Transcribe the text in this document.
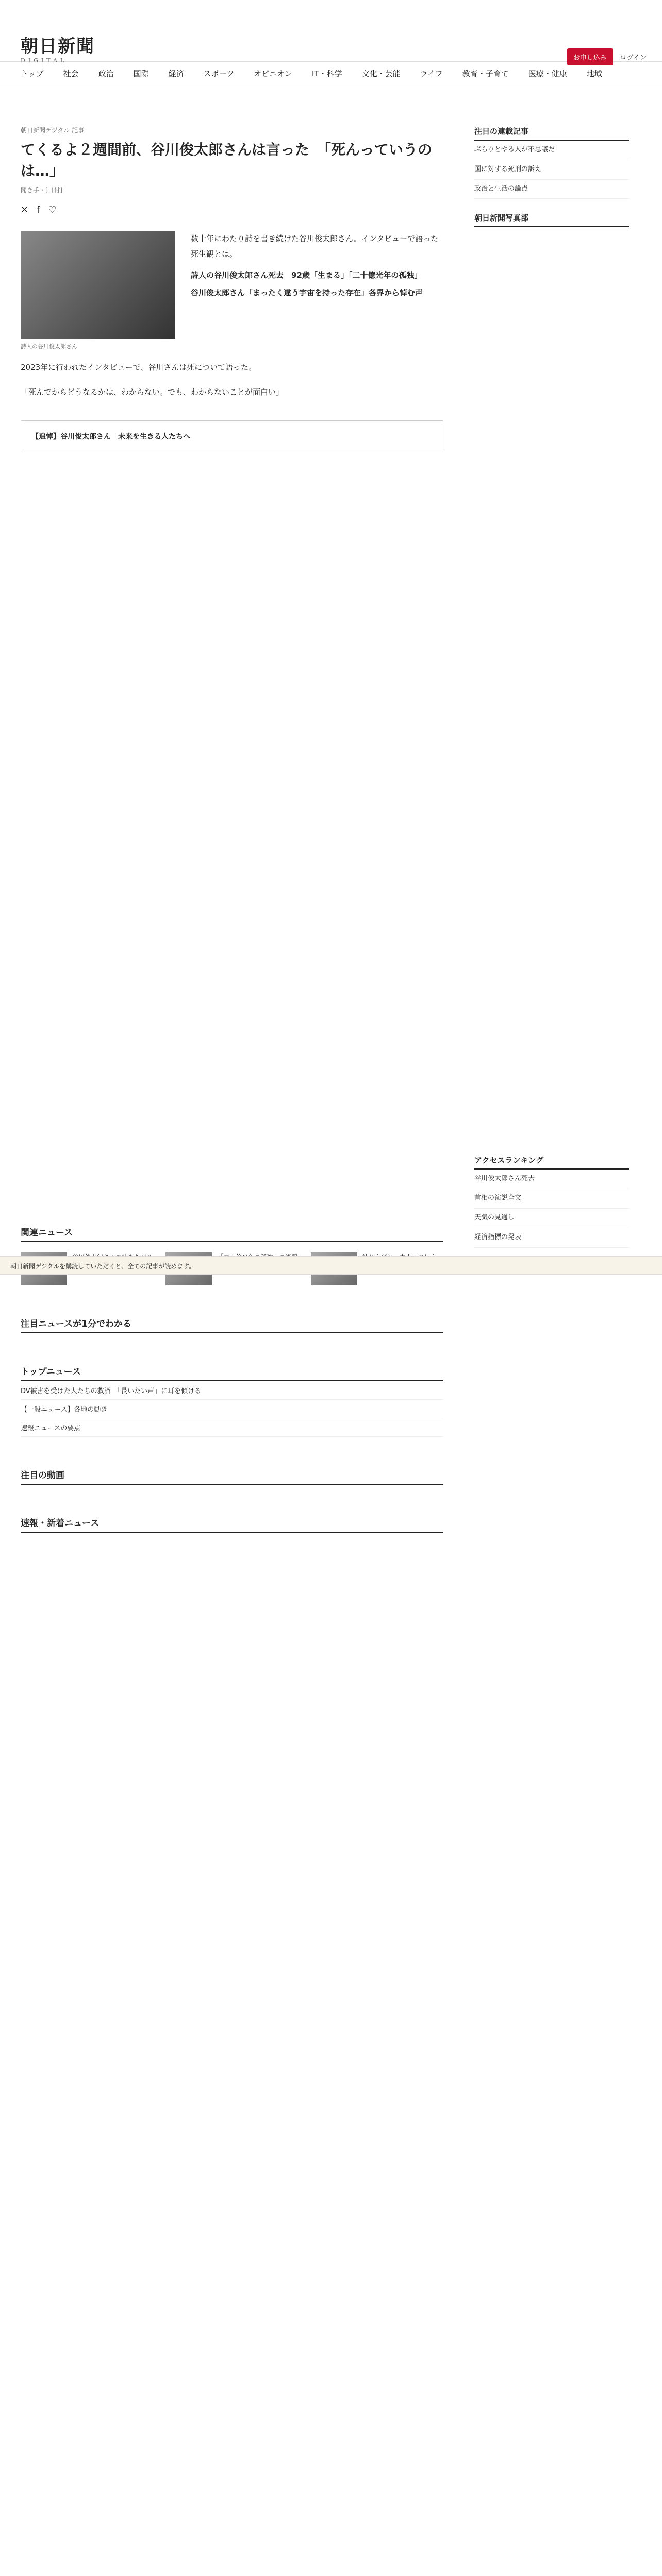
朝日新聞
DIGITAL	お申し込み	ログイン
トップ	社会	政治	国際	経済	スポーツ	オピニオン	IT・科学	文化・芸能	ライフ	教育・子育て	医療・健康	地域
朝日新聞デジタル 記事
てくるよ２週間前、谷川俊太郎さんは言った　「死んっていうのは…」
聞き手・[日付]
✕ f ♡
詩人の谷川俊太郎さん
数十年にわたり詩を書き続けた谷川俊太郎さん。インタビューで語った死生観とは。
詩人の谷川俊太郎さん死去　92歳「生まる」「二十億光年の孤独」
谷川俊太郎さん「まったく違う宇宙を持った存在」各界から悼む声

2023年に行われたインタビューで、谷川さんは死について語った。

「死んでからどうなるかは、わからない。でも、わからないことが面白い」

【追悼】谷川俊太郎さん　未来を生きる人たちへ
関連ニュース
注目ニュースが1分でわかる
トップニュース
DV被害を受けた人たちの救済　「長いたい声」に耳を傾ける
【一般ニュース】各地の動き
速報ニュースの要点
注目の動画
速報・新着ニュース
注目の連載記事
ぶらりとやる人が不思議だ
国に対する死刑の訴え
政治と生活の論点
朝日新聞写真部
アクセスランキング
谷川俊太郎さん死去
首相の演説全文
天気の見通し
経済指標の発表
朝日新聞デジタルを購読していただくと、全ての記事が読めます。
